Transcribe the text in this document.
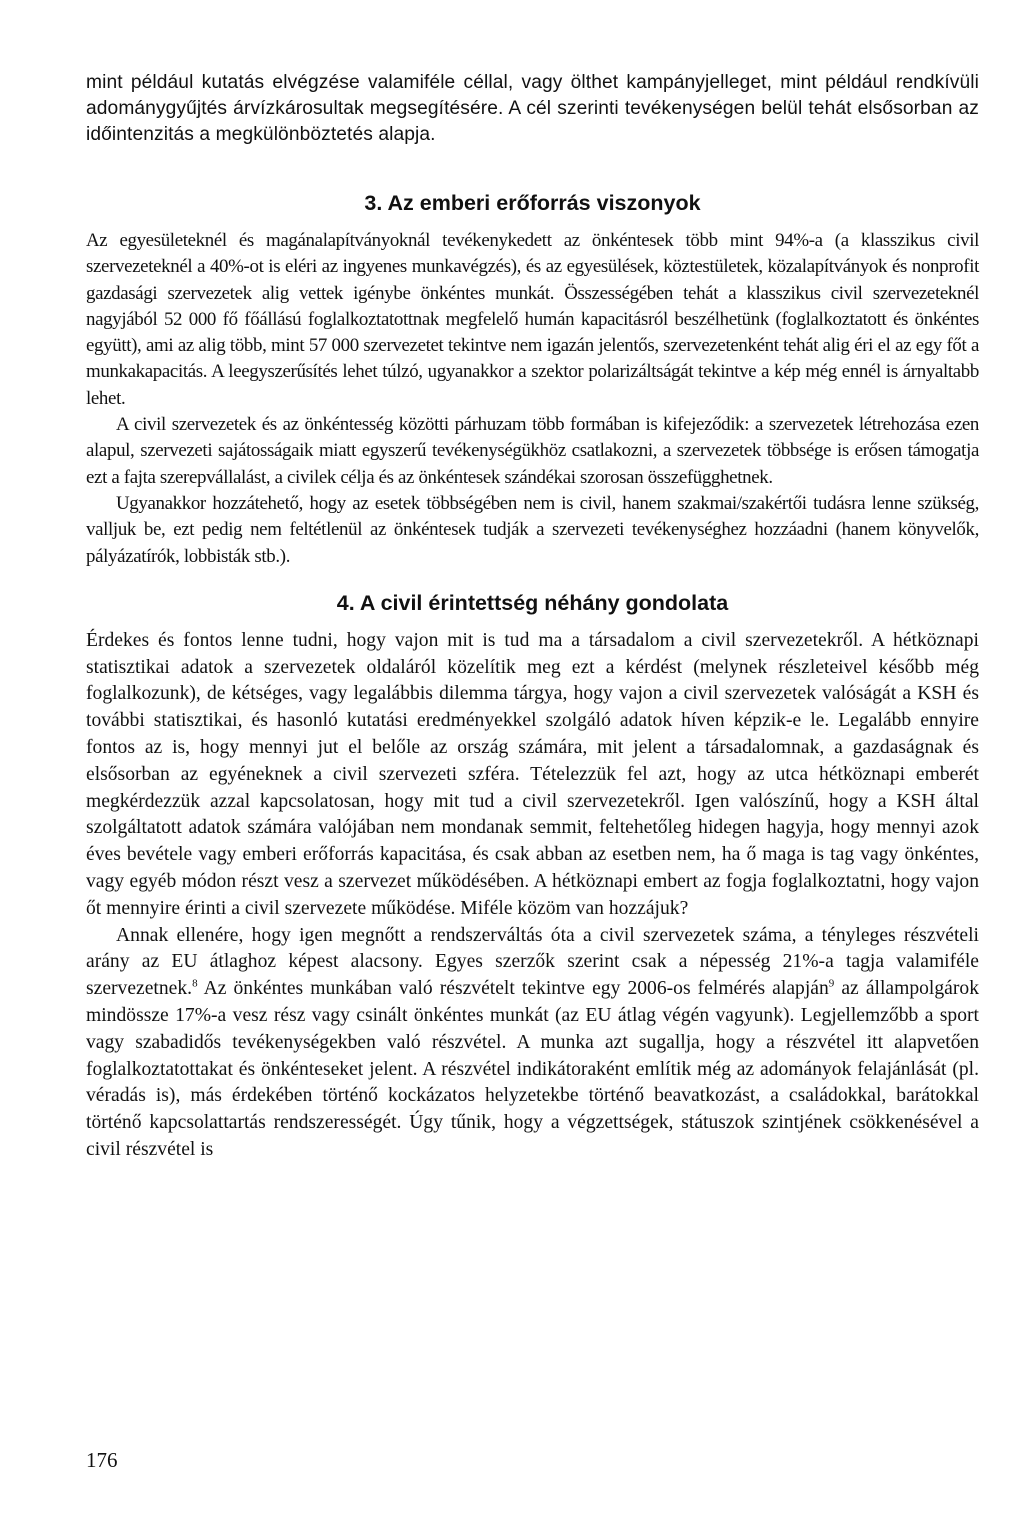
mint például kutatás elvégzése valamiféle céllal, vagy ölthet kampányjelleget, mint például rendkívüli adománygyűjtés árvízkárosultak megsegítésére. A cél szerinti tevékenységen belül tehát elsősorban az időintenzitás a megkülönböztetés alapja.

3. Az emberi erőforrás viszonyok

Az egyesületeknél és magánalapítványoknál tevékenykedett az önkéntesek több mint 94%-a (a klasszikus civil szervezeteknél a 40%-ot is eléri az ingyenes munkavégzés), és az egyesülések, köztestületek, közalapítványok és nonprofit gazdasági szervezetek alig vettek igénybe önkéntes munkát. Összességében tehát a klasszikus civil szervezeteknél nagyjából 52 000 fő főállású foglalkoztatottnak megfelelő humán kapacitásról beszélhetünk (foglalkoztatott és önkéntes együtt), ami az alig több, mint 57 000 szervezetet tekintve nem igazán jelentős, szervezetenként tehát alig éri el az egy főt a munkakapacitás. A leegyszerűsítés lehet túlzó, ugyanakkor a szektor polarizáltságát tekintve a kép még ennél is árnyaltabb lehet.

A civil szervezetek és az önkéntesség közötti párhuzam több formában is kifejeződik: a szervezetek létrehozása ezen alapul, szervezeti sajátosságaik miatt egyszerű tevékenységükhöz csatlakozni, a szervezetek többsége is erősen támogatja ezt a fajta szerepvállalást, a civilek célja és az önkéntesek szándékai szorosan összefügghetnek.

Ugyanakkor hozzátehető, hogy az esetek többségében nem is civil, hanem szakmai/szakértői tudásra lenne szükség, valljuk be, ezt pedig nem feltétlenül az önkéntesek tudják a szervezeti tevékenységhez hozzáadni (hanem könyvelők, pályázatírók, lobbisták stb.).

4. A civil érintettség néhány gondolata

Érdekes és fontos lenne tudni, hogy vajon mit is tud ma a társadalom a civil szervezetekről. A hétköznapi statisztikai adatok a szervezetek oldaláról közelítik meg ezt a kérdést (melynek részleteivel később még foglalkozunk), de kétséges, vagy legalábbis dilemma tárgya, hogy vajon a civil szervezetek valóságát a KSH és további statisztikai, és hasonló kutatási eredményekkel szolgáló adatok híven képzik-e le. Legalább ennyire fontos az is, hogy mennyi jut el belőle az ország számára, mit jelent a társadalomnak, a gazdaságnak és elsősorban az egyéneknek a civil szervezeti szféra. Tételezzük fel azt, hogy az utca hétköznapi emberét megkérdezzük azzal kapcsolatosan, hogy mit tud a civil szervezetekről. Igen valószínű, hogy a KSH által szolgáltatott adatok számára valójában nem mondanak semmit, feltehetőleg hidegen hagyja, hogy mennyi azok éves bevétele vagy emberi erőforrás kapacitása, és csak abban az esetben nem, ha ő maga is tag vagy önkéntes, vagy egyéb módon részt vesz a szervezet működésében. A hétköznapi embert az fogja foglalkoztatni, hogy vajon őt mennyire érinti a civil szervezete működése. Miféle közöm van hozzájuk?

Annak ellenére, hogy igen megnőtt a rendszerváltás óta a civil szervezetek száma, a tényleges részvételi arány az EU átlaghoz képest alacsony. Egyes szerzők szerint csak a népesség 21%-a tagja valamiféle szervezetnek.$^8$ Az önkéntes munkában való részvételt tekintve egy 2006-os felmérés alapján$^9$ az állampolgárok mindössze 17%-a vesz rész vagy csinált önkéntes munkát (az EU átlag végén vagyunk). Legjellemzőbb a sport vagy szabadidős tevékenységekben való részvétel. A munka azt sugallja, hogy a részvétel itt alapvetően foglalkoztatottakat és önkénteseket jelent. A részvétel indikátoraként említik még az adományok felajánlását (pl. véradás is), más érdekében történő kockázatos helyzetekbe történő beavatkozást, a családokkal, barátokkal történő kapcsolattartás rendszerességét. Úgy tűnik, hogy a végzettségek, státuszok szintjének csökkenésével a civil részvétel is

176
